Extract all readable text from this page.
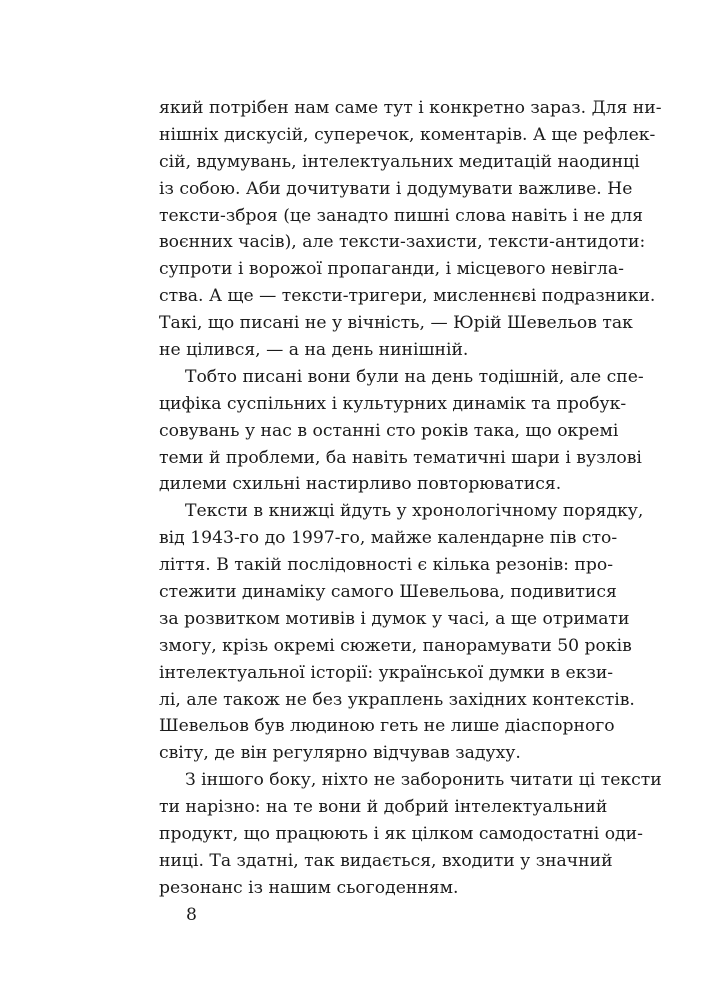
який потрібен нам саме тут і конкретно зараз. Для ни-
нішніх дискусій, суперечок, коментарів. А ще рефлек-
сій, вдумувань, інтелектуальних медитацій наодинці
із собою. Аби дочитувати і додумувати важливе. Не
тексти-зброя (це занадто пишні слова навіть і не для
воєнних часів), але тексти-захисти, тексти-антидоти:
супроти і ворожої пропаганди, і місцевого невігла-
ства. А ще — тексти-тригери, мисленнєві подразники.
Такі, що писані не у вічність, — Юрій Шевельов так
не цілився, — а на день нинішній.
Тобто писані вони були на день тодішній, але спе-
цифіка суспільних і культурних динамік та пробук-
совувань у нас в останні сто років така, що окремі
теми й проблеми, ба навіть тематичні шари і вузлові
дилеми схильні настирливо повторюватися.
Тексти в книжці йдуть у хронологічному порядку,
від 1943-го до 1997-го, майже календарне пів сто-
ліття. В такій послідовності є кілька резонів: про-
стежити динаміку самого Шевельова, подивитися
за розвитком мотивів і думок у часі, а ще отримати
змогу, крізь окремі сюжети, панорамувати 50 років
інтелектуальної історії: української думки в екзи-
лі, але також не без украплень західних контекстів.
Шевельов був людиною геть не лише діаспорного
світу, де він регулярно відчував задуху.
З іншого боку, ніхто не заборонить читати ці тексти
ти нарізно: на те вони й добрий інтелектуальний
продукт, що працюють і як цілком самодостатні оди-
ниці. Та здатні, так видається, входити у значний
резонанс із нашим сьогоденням.
8
